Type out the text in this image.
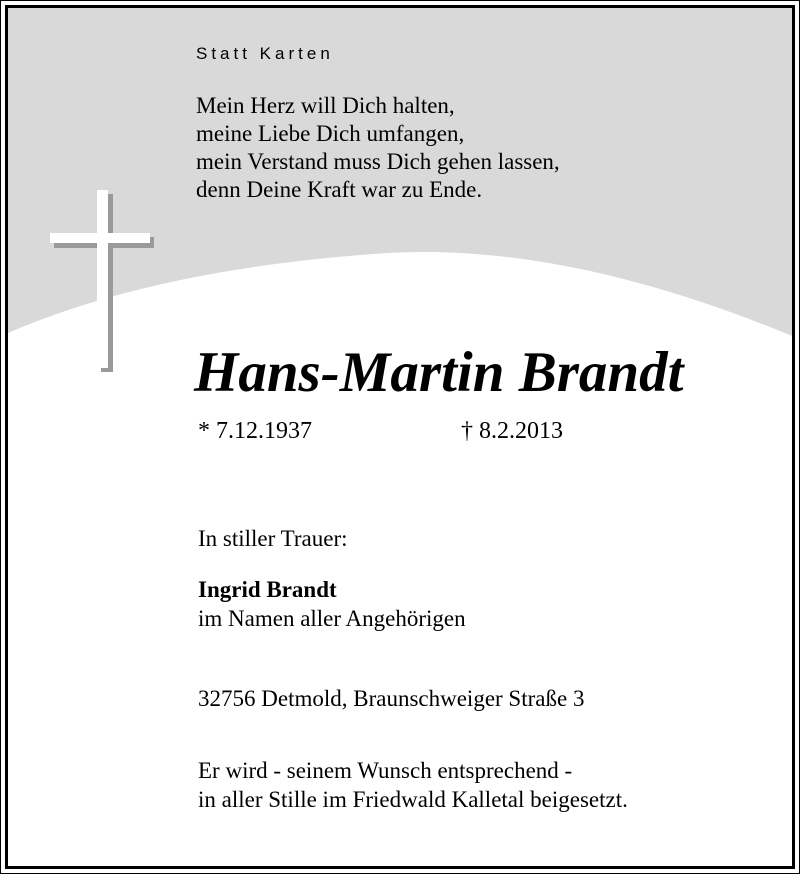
Statt Karten
Mein Herz will Dich halten,
meine Liebe Dich umfangen,
mein Verstand muss Dich gehen lassen,
denn Deine Kraft war zu Ende.
Hans-Martin Brandt
* 7.12.1937	† 8.2.2013
In stiller Trauer:
Ingrid Brandt
im Namen aller Angehörigen
32756 Detmold, Braunschweiger Straße 3
Er wird - seinem Wunsch entsprechend -
in aller Stille im Friedwald Kalletal beigesetzt.
